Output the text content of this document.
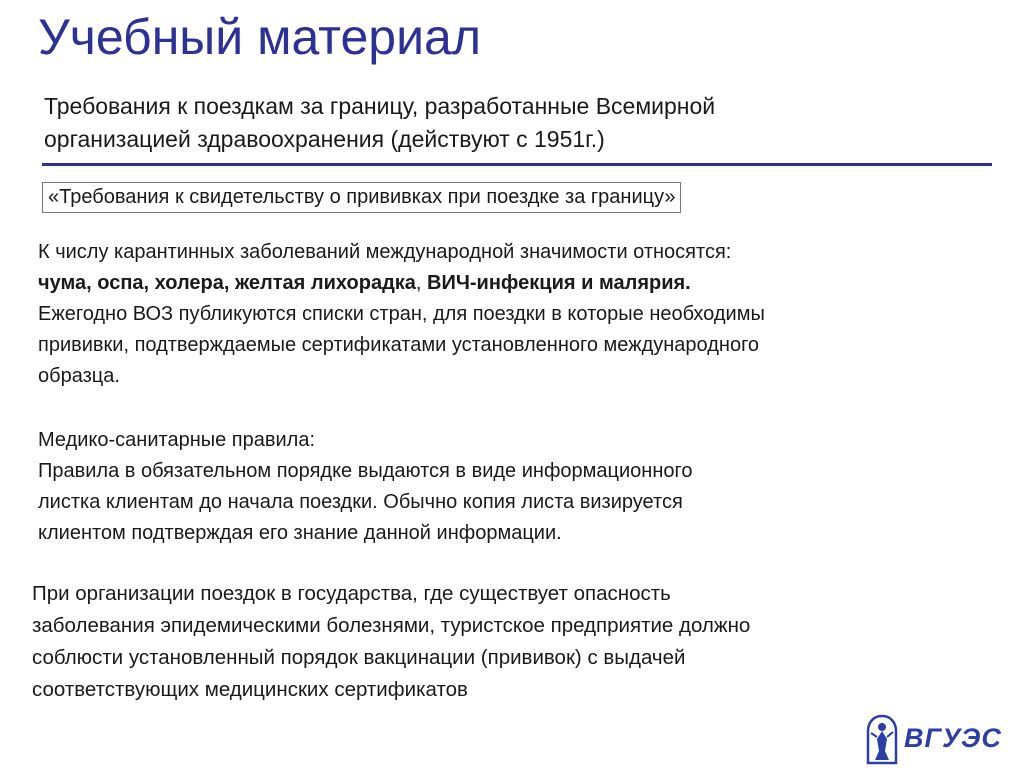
Учебный материал
Требования к поездкам за границу, разработанные Всемирной
организацией здравоохранения (действуют с 1951г.)
«Требования к свидетельству о прививках при поездке за границу»
К числу карантинных заболеваний международной значимости относятся:
чума, оспа, холера, желтая лихорадка, ВИЧ-инфекция и малярия.
Ежегодно ВОЗ публикуются списки стран, для поездки в которые необходимы
прививки, подтверждаемые сертификатами установленного международного
образца.
Медико-санитарные правила:
Правила в обязательном порядке выдаются в виде информационного
листка клиентам до начала поездки. Обычно копия листа визируется
клиентом подтверждая его знание данной информации.
При организации поездок в государства, где существует опасность
заболевания эпидемическими болезнями, туристское предприятие должно
соблюсти установленный порядок вакцинации (прививок) с выдачей
соответствующих медицинских сертификатов
ВГУЭС
